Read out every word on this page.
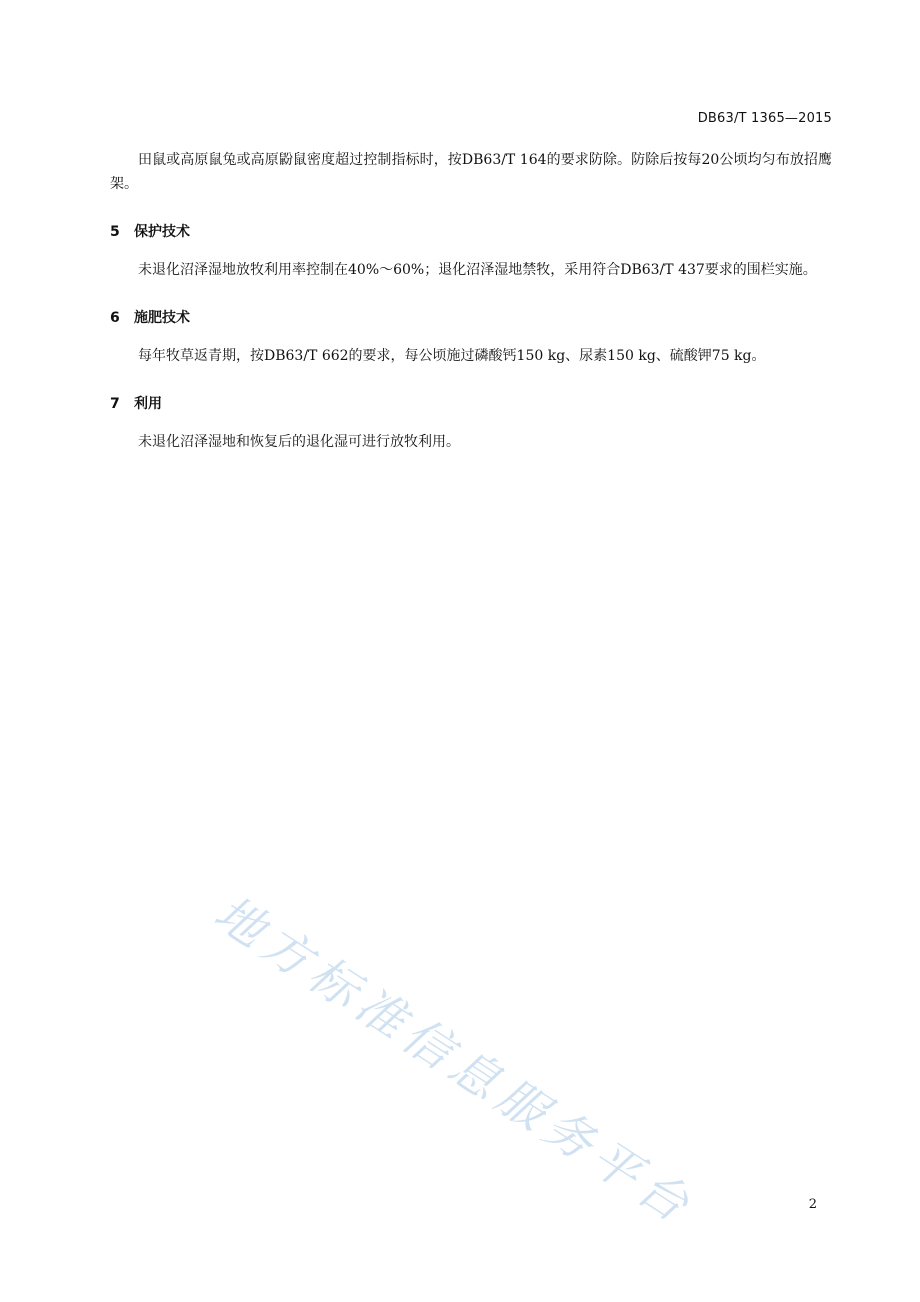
DB63/T 1365—2015

田鼠或高原鼠兔或高原鼢鼠密度超过控制指标时，按DB63/T 164的要求防除。防除后按每20公顷均匀布放招鹰架。

5 保护技术

未退化沼泽湿地放牧利用率控制在40%～60%；退化沼泽湿地禁牧，采用符合DB63/T 437要求的围栏实施。

6 施肥技术

每年牧草返青期，按DB63/T 662的要求，每公顷施过磷酸钙150 kg、尿素150 kg、硫酸钾75 kg。

7 利用

未退化沼泽湿地和恢复后的退化湿可进行放牧利用。

地方标准信息服务平台	2
